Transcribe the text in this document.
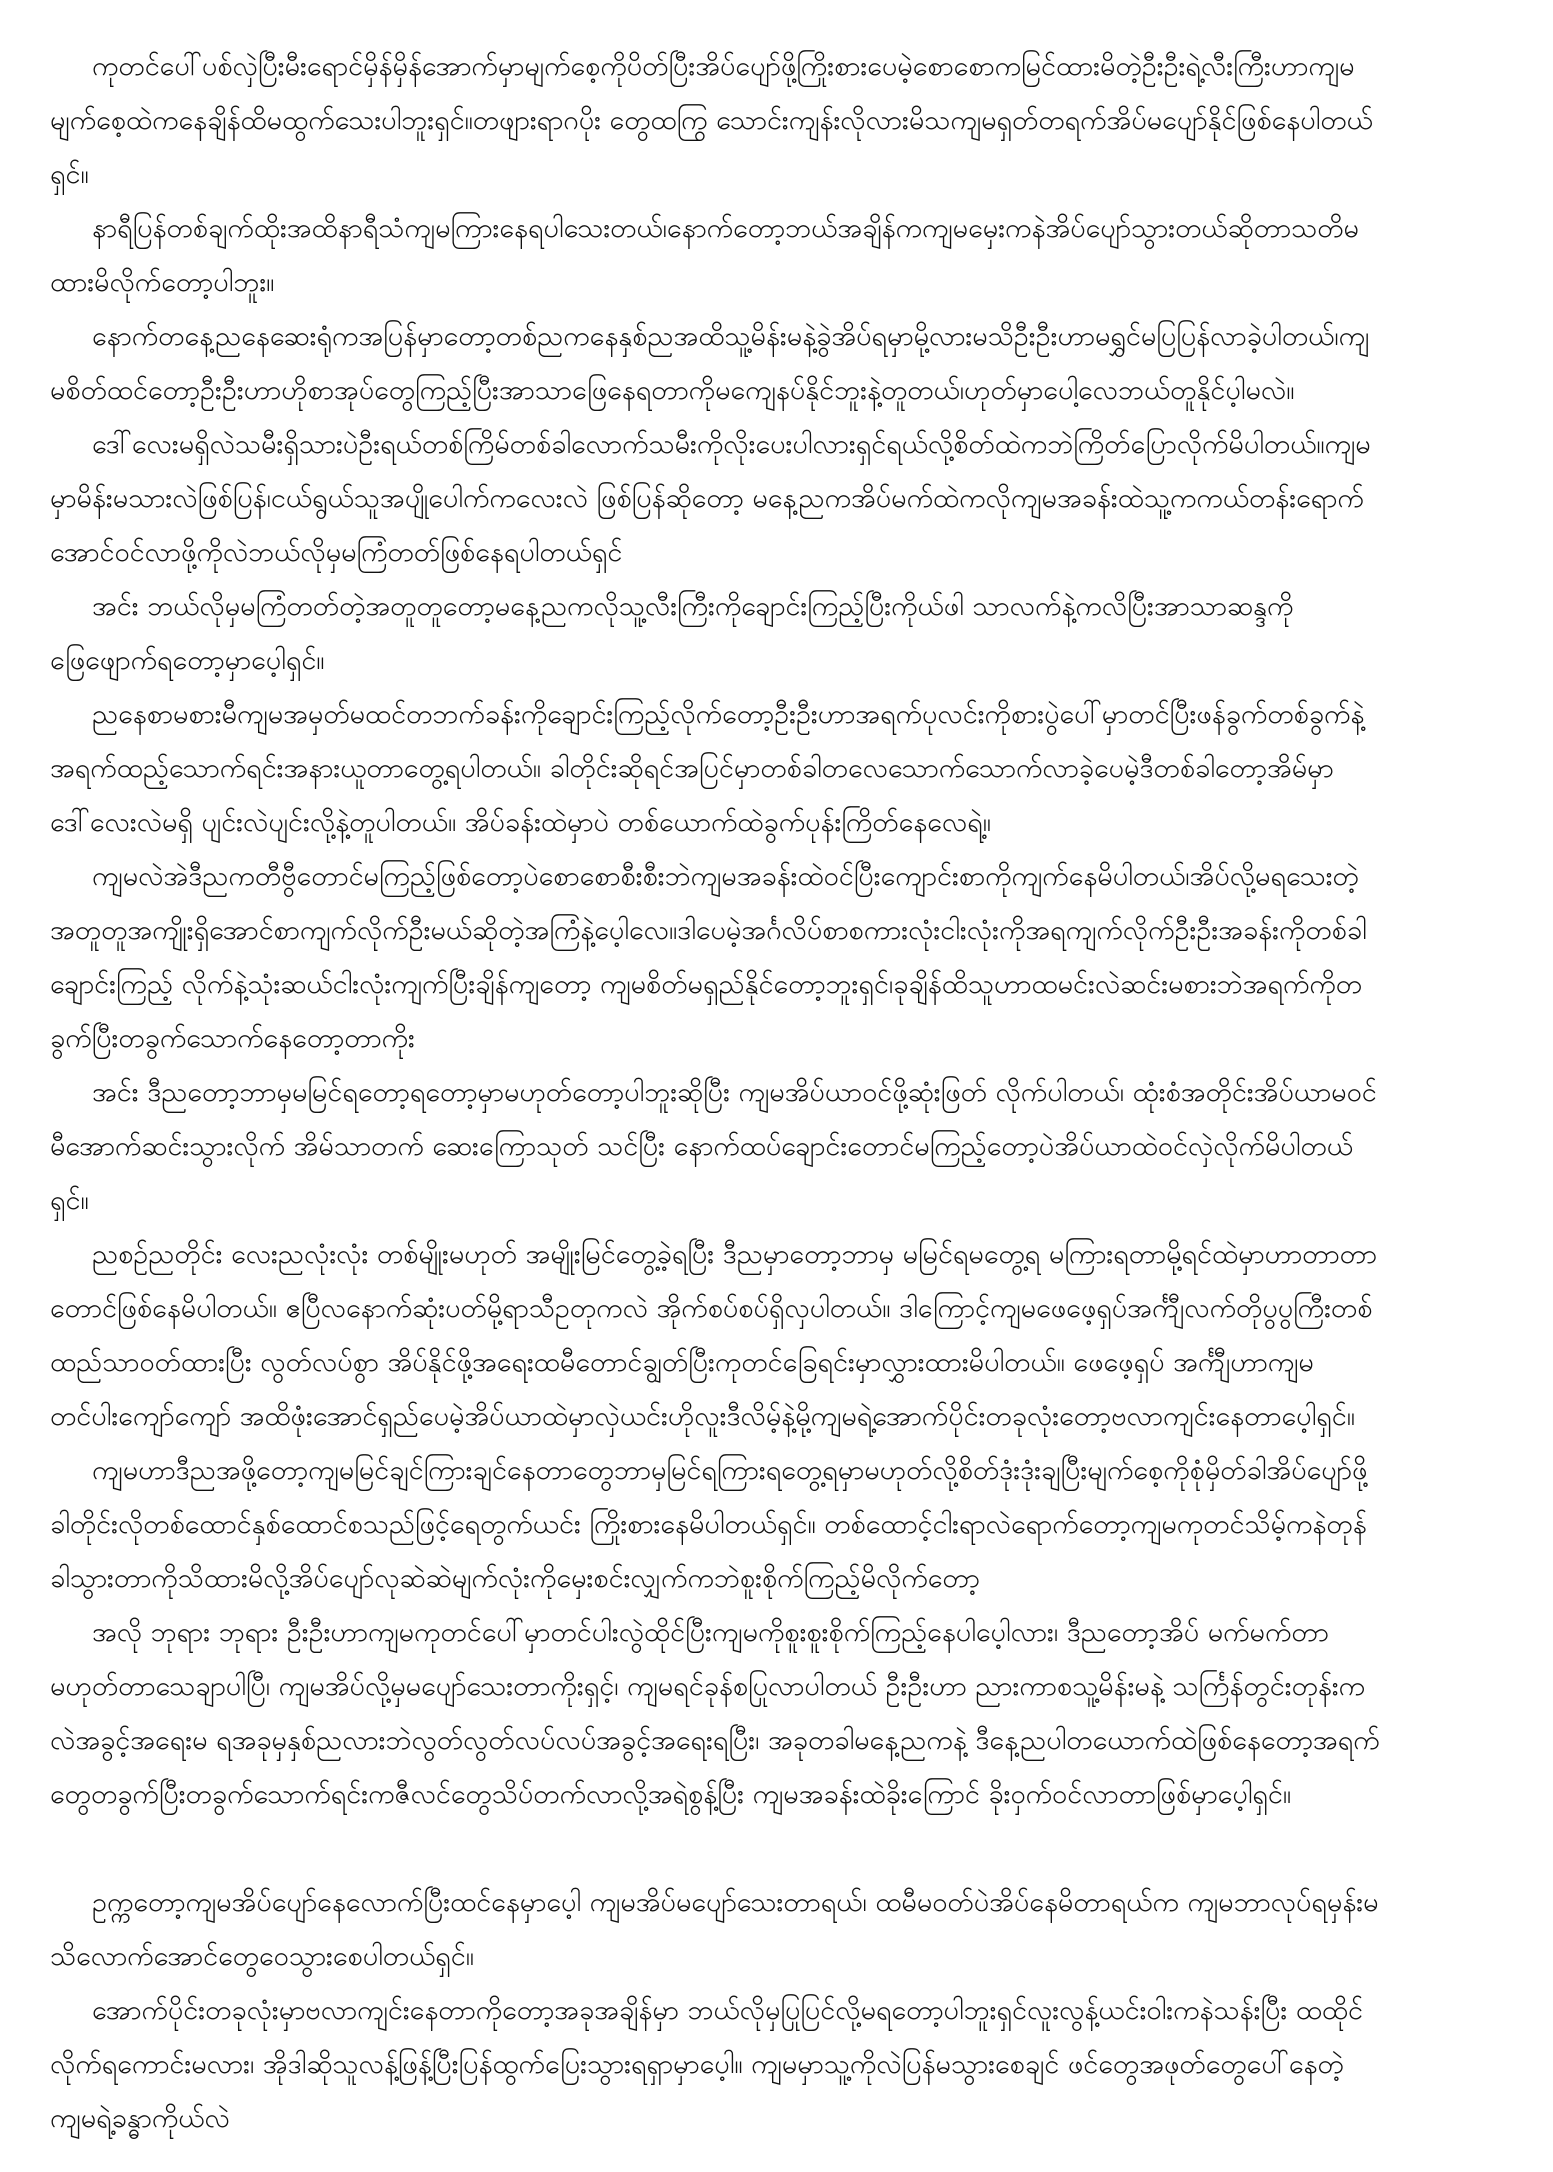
ကုတင်ပေါ်ပစ်လှဲပြီးမီးရောင်မှိန်မှိန်အောက်မှာမျက်စေ့ကိုပိတ်ပြီးအိပ်ပျော်ဖို့ကြိုးစားပေမဲ့စောစောကမြင်ထားမိတဲ့ဦးဦးရဲ့လီးကြီးဟာကျမမျက်စေ့ထဲကနေချိန်ထိမထွက်သေးပါဘူးရှင်။တဖျားရာဂပိုး တွေထကြွ သောင်းကျန်းလိုလားမိသကျမရှတ်တရက်အိပ်မပျော်နိုင်ဖြစ်နေပါတယ်ရှင်။

နာရီပြန်တစ်ချက်ထိုးအထိနာရီသံကျမကြားနေရပါသေးတယ်၊နောက်တော့ဘယ်အချိန်ကကျမမှေးကနဲအိပ်ပျော်သွားတယ်ဆိုတာသတိမထားမိလိုက်တော့ပါဘူး။

နောက်တနေ့ညနေဆေးရုံကအပြန်မှာတော့တစ်ညကနေနှစ်ညအထိသူ့မိန်းမနဲ့ခွဲအိပ်ရမှာမို့လားမသိဦးဦးဟာမရွှင်မပြပြန်လာခဲ့ပါတယ်၊ကျမစိတ်ထင်တော့ဦးဦးဟာဟိုစာအုပ်တွေကြည့်ပြီးအာသာဖြေနေရတာကိုမကျေနပ်နိုင်ဘူးနဲ့တူတယ်၊ဟုတ်မှာပေါ့လေဘယ်တူနိုင်ပ့ါမလဲ။

ဒေါ်လေးမရှိလဲသမီးရှိသားပဲဦးရယ်တစ်ကြိမ်တစ်ခါလောက်သမီးကိုလိုးပေးပါလားရှင်ရယ်လို့စိတ်ထဲကဘဲကြိတ်ပြောလိုက်မိပါတယ်။ကျမမှာမိန်းမသားလဲဖြစ်ပြန်၊ငယ်ရွယ်သူအပျိုပေါက်ကလေးလဲ ဖြစ်ပြန်ဆိုတော့ မနေ့ညကအိပ်မက်ထဲကလိုကျမအခန်းထဲသူ့ကကယ်တန်းရောက်အောင်ဝင်လာဖို့ကိုလဲဘယ်လိုမှမကြံတတ်ဖြစ်နေရပါတယ်ရှင်

အင်း ဘယ်လိုမှမကြံတတ်တဲ့အတူတူတော့မနေ့ညကလိုသူ့လီးကြီးကိုချောင်းကြည့်ပြီးကိုယ်ဖါ သာလက်နဲ့ကလိပြီးအာသာဆန္ဒကိုဖြေဖျောက်ရတော့မှာပေ့ါရှင်။

ညနေစာမစားမီကျမအမှတ်မထင်တဘက်ခန်းကိုချောင်းကြည့်လိုက်တော့ဦးဦးဟာအရက်ပုလင်းကိုစားပွဲပေါ်မှာတင်ပြီးဖန်ခွက်တစ်ခွက်နဲ့အရက်ထည့်သောက်ရင်းအနားယူတာတွေ့ရပါတယ်။ ခါတိုင်းဆိုရင်အပြင်မှာတစ်ခါတလေသောက်သောက်လာခဲ့ပေမဲ့ဒီတစ်ခါတော့အိမ်မှာဒေါ်လေးလဲမရှိ ပျင်းလဲပျင်းလို့နဲ့တူပါတယ်။ အိပ်ခန်းထဲမှာပဲ တစ်ယောက်ထဲခွက်ပုန်းကြိတ်နေလေရဲ့။

ကျမလဲအဲဒီညကတီဗွီတောင်မကြည့်ဖြစ်တော့ပဲစောစောစီးစီးဘဲကျမအခန်းထဲဝင်ပြီးကျောင်းစာကိုကျက်နေမိပါတယ်၊အိပ်လို့မရသေးတဲ့အတူတူအကျိုးရှိအောင်စာကျက်လိုက်ဦးမယ်ဆိုတဲ့အကြံနဲ့ပေ့ါလေ။ဒါပေမဲ့အင်္ဂလိပ်စာစကားလုံးငါးလုံးကိုအရကျက်လိုက်ဦးဦးအခန်းကိုတစ်ခါချောင်းကြည့် လိုက်နဲ့သုံးဆယ်ငါးလုံးကျက်ပြီးချိန်ကျတော့ ကျမစိတ်မရှည်နိုင်တော့ဘူးရှင်၊ခုချိန်ထိသူဟာထမင်းလဲဆင်းမစားဘဲအရက်ကိုတခွက်ပြီးတခွက်သောက်နေတော့တာကိုး

အင်း ဒီညတော့ဘာမှမမြင်ရတော့ရတော့မှာမဟုတ်တော့ပါဘူးဆိုပြီး ကျမအိပ်ယာဝင်ဖို့ဆုံးဖြတ် လိုက်ပါတယ်၊ ထုံးစံအတိုင်းအိပ်ယာမဝင်မီအောက်ဆင်းသွားလိုက် အိမ်သာတက် ဆေးကြောသုတ် သင်ပြီး နောက်ထပ်ချောင်းတောင်မကြည့်တော့ပဲအိပ်ယာထဲဝင်လှဲလိုက်မိပါတယ်ရှင်။

ညစဉ်ညတိုင်း လေးညလုံးလုံး တစ်မျိုးမဟုတ် အမျိုးမြင်တွေ့ခဲ့ရပြီး ဒီညမှာတော့ဘာမှ မမြင်ရမတွေ့ရ မကြားရတာမို့ရင်ထဲမှာဟာတာတာတောင်ဖြစ်နေမိပါတယ်။ ဧပြီလနောက်ဆုံးပတ်မို့ရာသီဥတုကလဲ အိုက်စပ်စပ်ရှိလှပါတယ်။ ဒါကြောင့်ကျမဖေဖေ့ရှပ်အင်္ကျီလက်တိုပွပွကြီးတစ်ထည်သာဝတ်ထားပြီး လွတ်လပ်စွာ အိပ်နိုင်ဖို့အရေးထမီတောင်ချွတ်ပြီးကုတင်ခြေရင်းမှာလွှားထားမိပါတယ်။ ဖေဖေ့ရှပ် အင်္ကျီဟာကျမတင်ပါးကျော်ကျော် အထိဖုံးအောင်ရှည်ပေမဲ့အိပ်ယာထဲမှာလှဲယင်းဟိုလူးဒီလိမ့်နဲ့မို့ကျမရဲ့အောက်ပိုင်းတခုလုံးတော့ဗလာကျင်းနေတာပေ့ါရှင်။

ကျမဟာဒီညအဖို့တော့ကျမမြင်ချင်ကြားချင်နေတာတွေဘာမှမြင်ရကြားရတွေ့ရမှာမဟုတ်လို့စိတ်ဒုံးဒုံးချပြီးမျက်စေ့ကိုစုံမှိတ်ခါအိပ်ပျော်ဖို့ ခါတိုင်းလိုတစ်ထောင်နှစ်ထောင်စသည်ဖြင့်ရေတွက်ယင်း ကြိုးစားနေမိပါတယ်ရှင်။ တစ်ထောင့်ငါးရာလဲရောက်တော့ကျမကုတင်သိမ့်ကနဲတုန်ခါသွားတာကိုသိထားမိလို့အိပ်ပျော်လုဆဲဆဲမျက်လုံးကိုမှေးစင်းလျှက်ကဘဲစူးစိုက်ကြည့်မိလိုက်တော့

အလို ဘုရား ဘုရား ဦးဦးဟာကျမကုတင်ပေါ်မှာတင်ပါးလွဲထိုင်ပြီးကျမကိုစူးစူးစိုက်ကြည့်နေပါပေ့ါလား၊ ဒီညတော့အိပ် မက်မက်တာမဟုတ်တာသေချာပါပြီ၊ ကျမအိပ်လို့မှမပျော်သေးတာကိုးရှင့်၊ ကျမရင်ခုန်စပြုလာပါတယ် ဦးဦးဟာ ညားကာစသူ့မိန်းမနဲ့ သင်္ကြန်တွင်းတုန်းကလဲအခွင့်အရေးမ ရအခုမှနှစ်ညလားဘဲလွတ်လွတ်လပ်လပ်အခွင့်အရေးရပြီး၊ အခုတခါမနေ့ညကနဲ့ ဒီနေ့ညပါတယောက်ထဲဖြစ်နေတော့အရက် တွေတခွက်ပြီးတခွက်သောက်ရင်းကဇီလင်တွေသိပ်တက်လာလို့အရဲစွန့်ပြီး ကျမအခန်းထဲခိုးကြောင် ခိုးဝှက်ဝင်လာတာဖြစ်မှာပေ့ါရှင်။

ဥက္ကတော့ကျမအိပ်ပျော်နေလောက်ပြီးထင်နေမှာပေ့ါ ကျမအိပ်မပျော်သေးတာရယ်၊ ထမီမဝတ်ပဲအိပ်နေမိတာရယ်က ကျမဘာလုပ်ရမှန်းမသိလောက်အောင်တွေဝေသွားစေပါတယ်ရှင်။

အောက်ပိုင်းတခုလုံးမှာဗလာကျင်းနေတာကိုတော့အခုအချိန်မှာ ဘယ်လိုမှပြုပြင်လို့မရတော့ပါဘူးရှင်လူးလွန့်ယင်းဝါးကနဲသန်းပြီး ထထိုင်လိုက်ရကောင်းမလား၊ အိုဒါဆိုသူလန့်ဖြန့်ပြီးပြန်ထွက်ပြေးသွားရရှာမှာပေ့ါ။ ကျမမှာသူ့ကိုလဲပြန်မသွားစေချင် ဖင်တွေအဖုတ်တွေပေါ်နေတဲ့ ကျမရဲ့ခန္ဓာကိုယ်လဲ
